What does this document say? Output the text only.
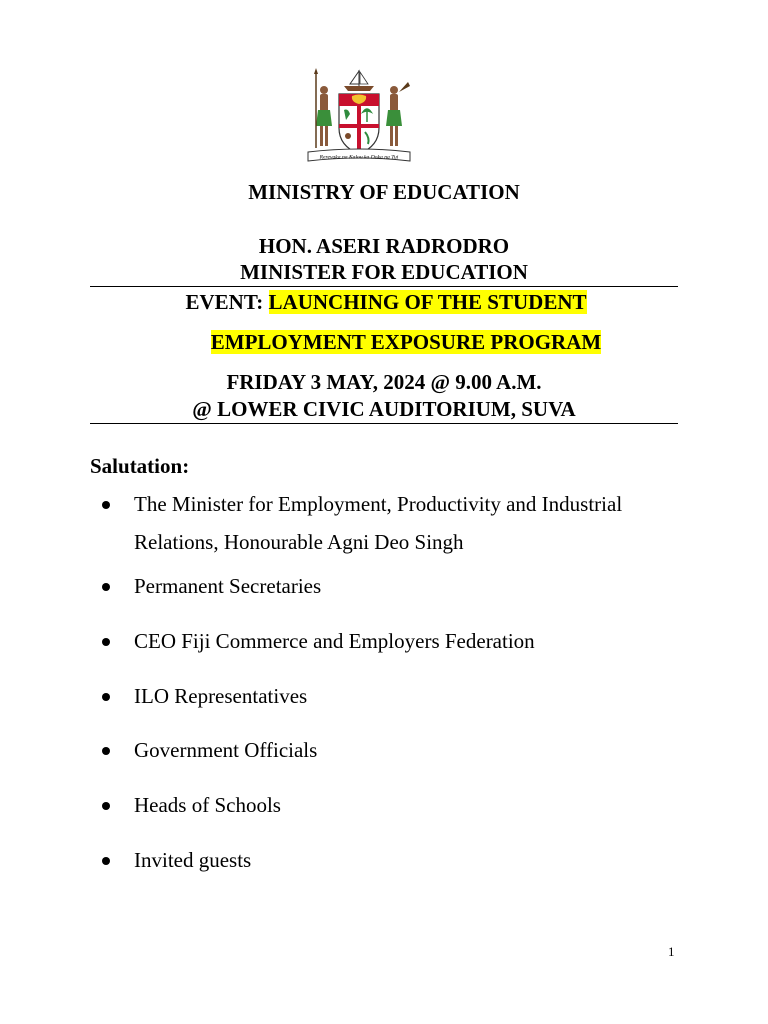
Rerevaka na Kalou ka Doka na Tui
MINISTRY OF EDUCATION
HON. ASERI RADRODRO
MINISTER FOR EDUCATION
EVENT: LAUNCHING OF THE STUDENT
EMPLOYMENT EXPOSURE PROGRAM
FRIDAY 3 MAY, 2024 @ 9.00 A.M.
@ LOWER CIVIC AUDITORIUM, SUVA
Salutation:
The Minister for Employment, Productivity and Industrial
Relations, Honourable Agni Deo Singh
Permanent Secretaries
CEO Fiji Commerce and Employers Federation
ILO Representatives
Government Officials
Heads of Schools
Invited guests
1
